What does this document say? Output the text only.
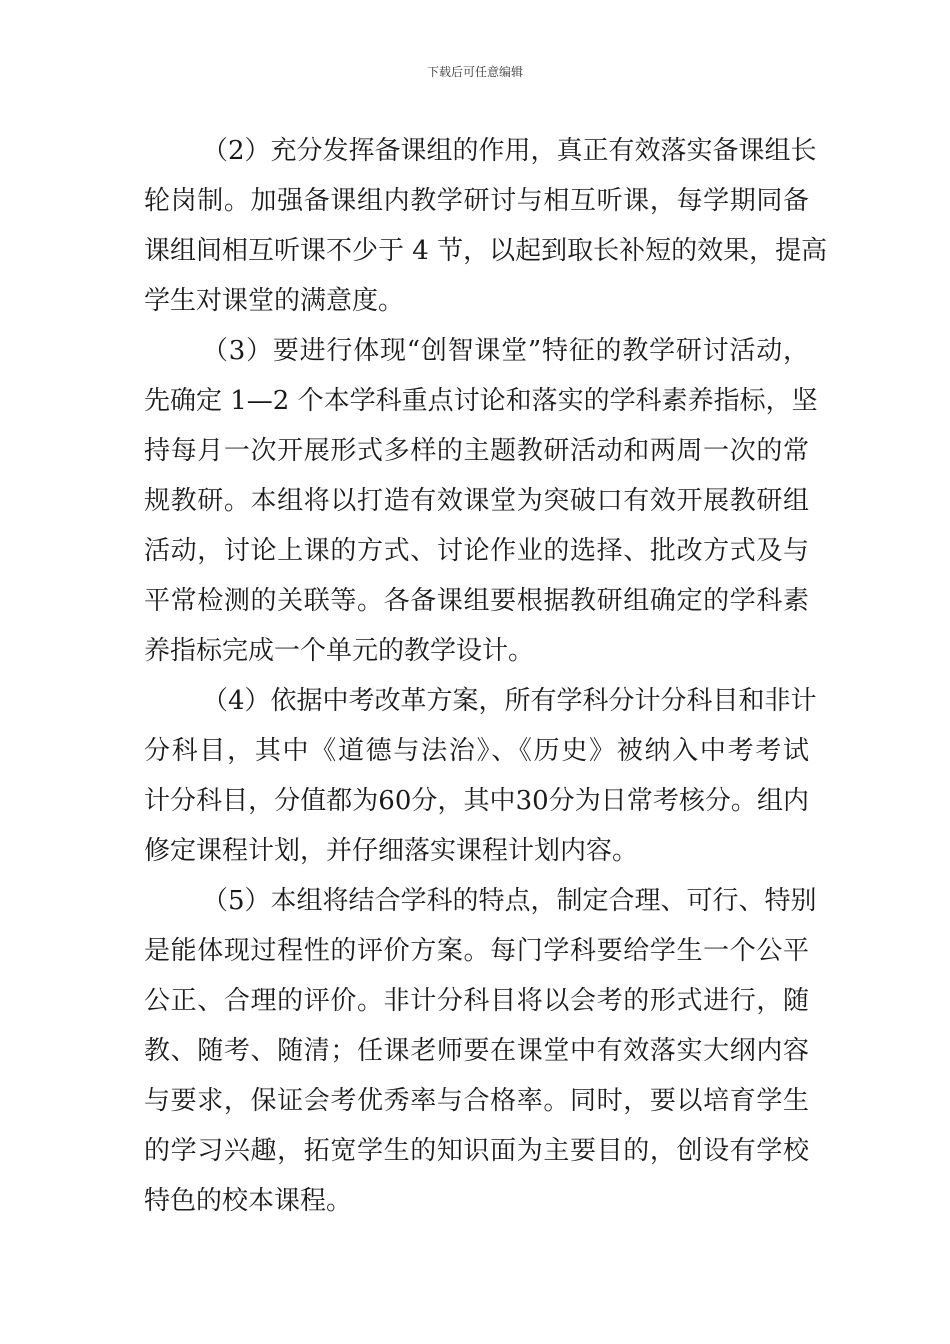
下载后可任意编辑
（2）充分发挥备课组的作用，真正有效落实备课组长
轮岗制。加强备课组内教学研讨与相互听课，每学期同备
课组间相互听课不少于 4 节，以起到取长补短的效果，提高
学生对课堂的满意度。
（3）要进行体现“创智课堂”特征的教学研讨活动，
先确定 1—2 个本学科重点讨论和落实的学科素养指标，坚
持每月一次开展形式多样的主题教研活动和两周一次的常
规教研。本组将以打造有效课堂为突破口有效开展教研组
活动，讨论上课的方式、讨论作业的选择、批改方式及与
平常检测的关联等。各备课组要根据教研组确定的学科素
养指标完成一个单元的教学设计。
（4）依据中考改革方案，所有学科分计分科目和非计
分科目，其中《道德与法治》、《历史》被纳入中考考试
计分科目，分值都为60分，其中30分为日常考核分。组内
修定课程计划，并仔细落实课程计划内容。
（5）本组将结合学科的特点，制定合理、可行、特别
是能体现过程性的评价方案。每门学科要给学生一个公平
公正、合理的评价。非计分科目将以会考的形式进行，随
教、随考、随清；任课老师要在课堂中有效落实大纲内容
与要求，保证会考优秀率与合格率。同时，要以培育学生
的学习兴趣，拓宽学生的知识面为主要目的，创设有学校
特色的校本课程。
